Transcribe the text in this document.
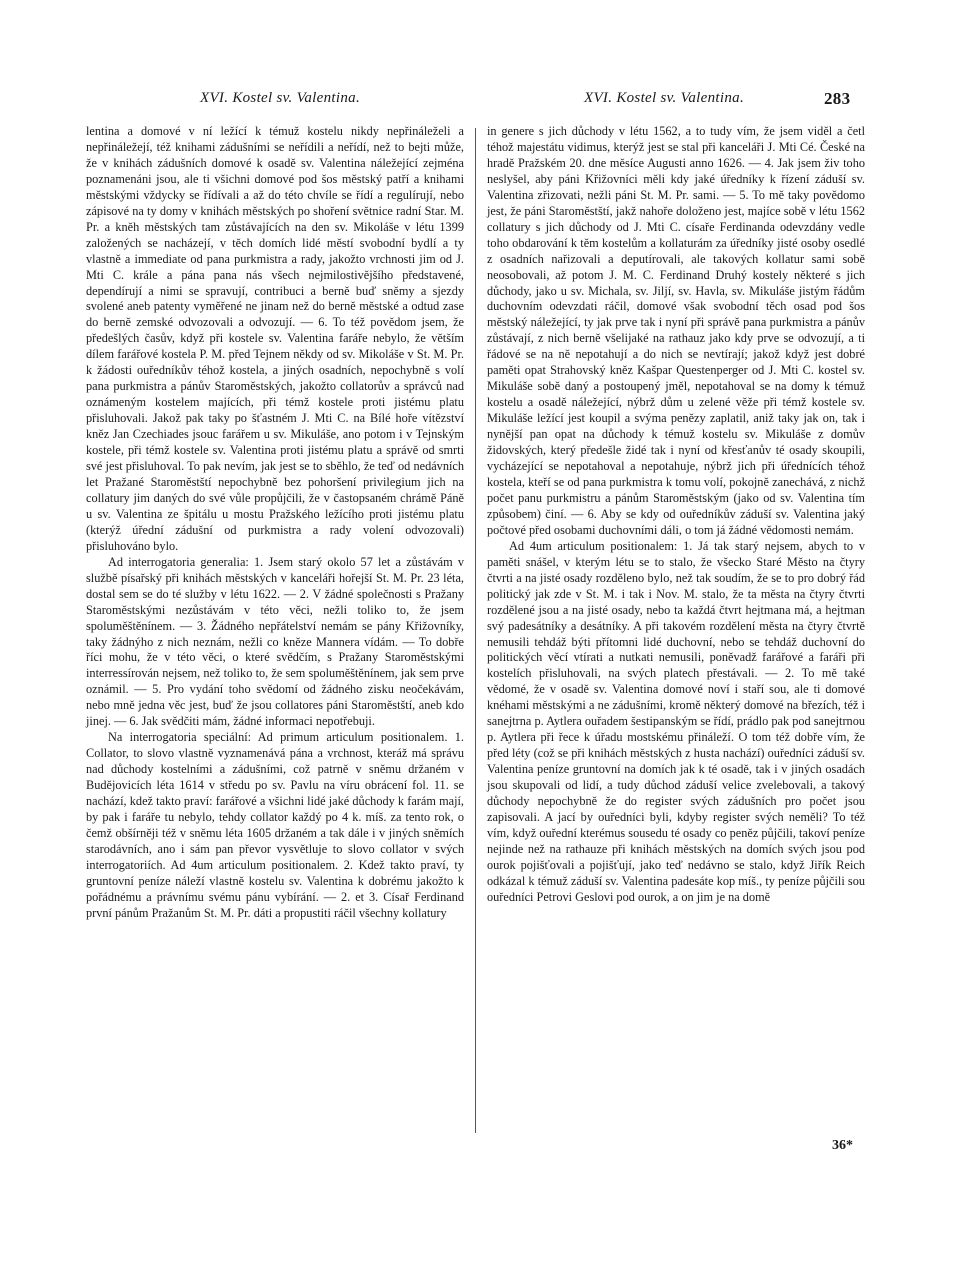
XVI. Kostel sv. Valentina.	XVI. Kostel sv. Valentina.	283

lentina a domové v ní ležící k témuž kostelu nikdy nepřináleželi a nepřináležejí, též knihami zádušními se neřídili a neřídí, než to bejti může, že v knihách zádušních domové k osadě sv. Valentina náležející zejména poznamenáni jsou, ale ti všichni domové pod šos městský patří a knihami městskými vždycky se řídívali a až do této chvíle se řídí a regulírují, nebo zápisové na ty domy v knihách městských po shoření světnice radní Star. M. Pr. a kněh městských tam zůstávajících na den sv. Mikoláše v létu 1399 založených se nacházejí, v těch domích lidé městí svobodní bydlí a ty vlastně a immediate od pana purkmistra a rady, jakožto vrchnosti jim od J. Mti C. krále a pána pana nás všech nejmilostivějšího představené, dependírují a nimi se spravují, contribuci a berně buď sněmy a sjezdy svolené aneb patenty vyměřené ne jinam než do berně městské a odtud zase do berně zemské odvozovali a odvozují. — 6. To též povědom jsem, že předešlých časův, když při kostele sv. Valentina faráře nebylo, že větším dílem farářové kostela P. M. před Tejnem někdy od sv. Mikoláše v St. M. Pr. k žádosti ouředníkův téhož kostela, a jiných osadních, nepochybně s volí pana purkmistra a pánův Staroměstských, jakožto collatorův a správců nad oznámeným kostelem majících, při témž kostele proti jistému platu přisluhovali. Jakož pak taky po šťastném J. Mti C. na Bílé hoře vítězství kněz Jan Czechiades jsouc farářem u sv. Mikuláše, ano potom i v Tejnským kostele, při témž kostele sv. Valentina proti jistému platu a správě od smrti své jest přisluhoval. To pak nevím, jak jest se to sběhlo, že teď od nedávních let Pražané Staroměstští nepochybně bez pohoršení privilegium jich na collatury jim daných do své vůle propůjčili, že v častopsaném chrámě Páně u sv. Valentina ze špitálu u mostu Pražského ležícího proti jistému platu (kterýž úřední zádušní od purkmistra a rady volení odvozovali) přisluhováno bylo.

Ad interrogatoria generalia: 1. Jsem starý okolo 57 let a zůstávám v službě písařský při knihách městských v kanceláři hořejší St. M. Pr. 23 léta, dostal sem se do té služby v létu 1622. — 2. V žádné společnosti s Pražany Staroměstskými nezůstávám v této věci, nežli toliko to, že jsem spoluměštěnínem. — 3. Žádného nepřátelství nemám se pány Křižovníky, taky žádnýho z nich neznám, nežli co kněze Mannera vídám. — To dobře říci mohu, že v této věci, o které svědčím, s Pražany Staroměstskými interressírován nejsem, než toliko to, že sem spoluměštěnínem, jak sem prve oznámil. — 5. Pro vydání toho svědomí od žádného zisku neočekávám, nebo mně jedna věc jest, buď že jsou collatores páni Staroměstští, aneb kdo jinej. — 6. Jak svědčiti mám, žádné informaci nepotřebuji.

Na interrogatoria speciální: Ad primum articulum positionalem. 1. Collator, to slovo vlastně vyznamenává pána a vrchnost, kteráž má správu nad důchody kostelními a zádušními, což patrně v sněmu držaném v Budějovicích léta 1614 v středu po sv. Pavlu na víru obrácení fol. 11. se nachází, kdež takto praví: farářové a všichni lidé jaké důchody k farám mají, by pak i faráře tu nebylo, tehdy collator každý po 4 k. míš. za tento rok, o čemž obšírněji též v sněmu léta 1605 držaném a tak dále i v jiných sněmích starodávních, ano i sám pan převor vysvětluje to slovo collator v svých interrogatoriích. Ad 4um articulum positionalem. 2. Kdež takto praví, ty gruntovní peníze náleží vlastně kostelu sv. Valentina k dobrému jakožto k pořádnému a právnímu svému pánu vybírání. — 2. et 3. Císař Ferdinand první pánům Pražanům St. M. Pr. dáti a propustiti ráčil všechny kollatury

in genere s jich důchody v létu 1562, a to tudy vím, že jsem viděl a četl téhož majestátu vidimus, kterýž jest se stal při kanceláři J. Mti Cé. České na hradě Pražském 20. dne měsíce Augusti anno 1626. — 4. Jak jsem živ toho neslyšel, aby páni Křižovníci měli kdy jaké úředníky k řízení záduší sv. Valentina zřizovati, nežli páni St. M. Pr. sami. — 5. To mě taky povědomo jest, že páni Staroměstští, jakž nahoře doloženo jest, majíce sobě v létu 1562 collatury s jich důchody od J. Mti C. císaře Ferdinanda odevzdány vedle toho obdarování k těm kostelům a kollaturám za úředníky jisté osoby osedlé z osadních nařizovali a deputírovali, ale takových kollatur sami sobě neosobovali, až potom J. M. C. Ferdinand Druhý kostely některé s jich důchody, jako u sv. Michala, sv. Jiljí, sv. Havla, sv. Mikuláše jistým řádům duchovním odevzdati ráčil, domové však svobodní těch osad pod šos městský náležející, ty jak prve tak i nyní při správě pana purkmistra a pánův zůstávají, z nich berně všelijaké na rathauz jako kdy prve se odvozují, a ti řádové se na ně nepotahují a do nich se nevtírají; jakož když jest dobré paměti opat Strahovský kněz Kašpar Questenperger od J. Mti C. kostel sv. Mikuláše sobě daný a postoupený jměl, nepotahoval se na domy k témuž kostelu a osadě náležející, nýbrž dům u zelené věže při témž kostele sv. Mikuláše ležící jest koupil a svýma penězy zaplatil, aniž taky jak on, tak i nynější pan opat na důchody k témuž kostelu sv. Mikuláše z domův židovských, který předešle židé tak i nyní od křesťanův té osady skoupili, vycházející se nepotahoval a nepotahuje, nýbrž jich při úřednících téhož kostela, kteří se od pana purkmistra k tomu volí, pokojně zanechává, z nichž počet panu purkmistru a pánům Staroměstským (jako od sv. Valentina tím způsobem) činí. — 6. Aby se kdy od ouředníkův záduší sv. Valentina jaký počtové před osobami duchovními dáli, o tom já žádné vědomosti nemám.

Ad 4um articulum positionalem: 1. Já tak starý nejsem, abych to v paměti snášel, v kterým létu se to stalo, že všecko Staré Město na čtyry čtvrti a na jisté osady rozděleno bylo, než tak soudím, že se to pro dobrý řád politický jak zde v St. M. i tak i Nov. M. stalo, že ta města na čtyry čtvrti rozdělené jsou a na jisté osady, nebo ta každá čtvrt hejtmana má, a hejtman svý padesátníky a desátníky. A při takovém rozdělení města na čtyry čtvrtě nemusili tehdáž býti přítomni lidé duchovní, nebo se tehdáž duchovní do politických věcí vtírati a nutkati nemusili, poněvadž farářové a faráři při kostelích přisluhovali, na svých platech přestávali. — 2. To mě také vědomé, že v osadě sv. Valentina domové noví i staří sou, ale ti domové knéhami městskými a ne zádušními, kromě některý domové na březích, též i sanejtrna p. Aytlera ouřadem šestipanským se řídí, prádlo pak pod sanejtrnou p. Aytlera při řece k úřadu mostskému přináleží. O tom též dobře vím, že před léty (což se při knihách městských z husta nachází) ouředníci záduší sv. Valentina peníze gruntovní na domích jak k té osadě, tak i v jiných osadách jsou skupovali od lidí, a tudy důchod záduší velice zvelebovali, a takový důchody nepochybně že do register svých zádušních pro počet jsou zapisovali. A jací by ouředníci byli, kdyby register svých neměli? To též vím, když ouřední kterémus sousedu té osady co peněz půjčili, takoví peníze nejinde než na rathauze při knihách městských na domích svých jsou pod ourok pojišťovali a pojišťují, jako teď nedávno se stalo, když Jiřík Reich odkázal k témuž záduší sv. Valentina padesáte kop míš., ty peníze půjčili sou ouředníci Petrovi Geslovi pod ourok, a on jim je na domě

36*
